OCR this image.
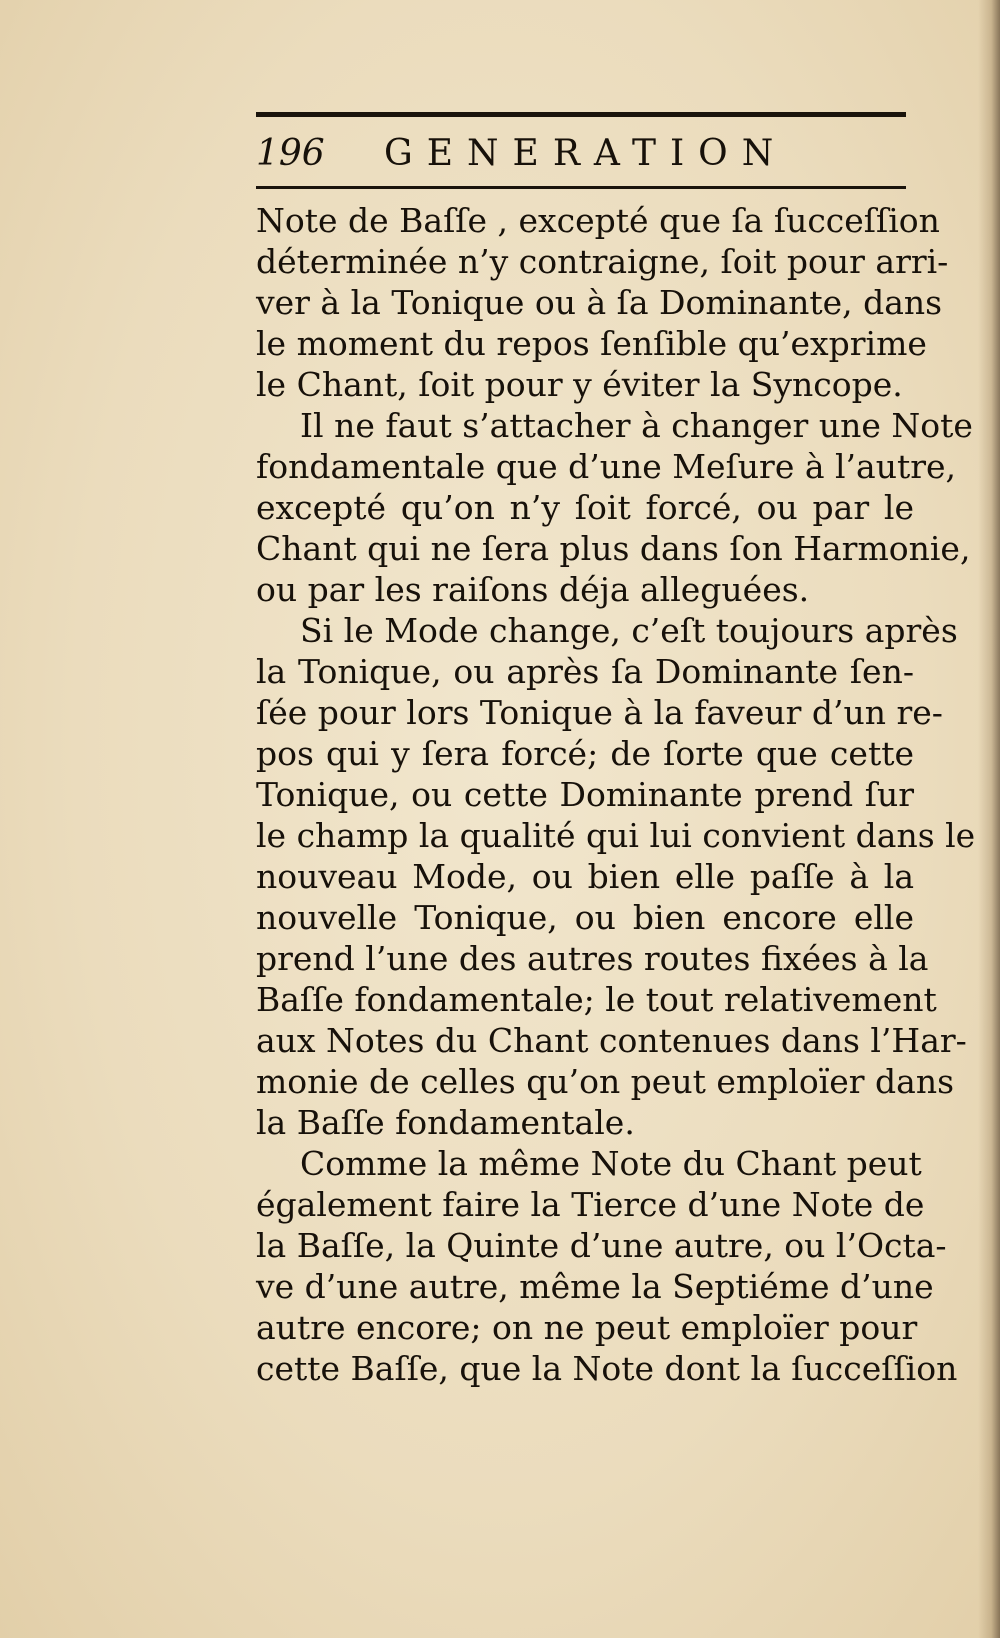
196 GENERATION
Note de Baſſe , excepté que ſa ſucceſſion
déterminée n’y contraigne, ſoit pour arri-
ver à la Tonique ou à ſa Dominante, dans
le moment du repos ſenſible qu’exprime
le Chant, ſoit pour y éviter la Syncope.
Il ne faut s’attacher à changer une Note
fondamentale que d’une Meſure à l’autre,
excepté qu’on n’y ſoit forcé, ou par le
Chant qui ne ſera plus dans ſon Harmonie,
ou par les raiſons déja alleguées.
Si le Mode change, c’eſt toujours après
la Tonique, ou après ſa Dominante ſen-
ſée pour lors Tonique à la faveur d’un re-
pos qui y ſera forcé; de ſorte que cette
Tonique, ou cette Dominante prend ſur
le champ la qualité qui lui convient dans le
nouveau Mode, ou bien elle paſſe à la
nouvelle Tonique, ou bien encore elle
prend l’une des autres routes fixées à la
Baſſe fondamentale; le tout relativement
aux Notes du Chant contenues dans l’Har-
monie de celles qu’on peut emploïer dans
la Baſſe fondamentale.
Comme la même Note du Chant peut
également faire la Tierce d’une Note de
la Baſſe, la Quinte d’une autre, ou l’Octa-
ve d’une autre, même la Septiéme d’une
autre encore; on ne peut emploïer pour
cette Baſſe, que la Note dont la ſucceſſion
